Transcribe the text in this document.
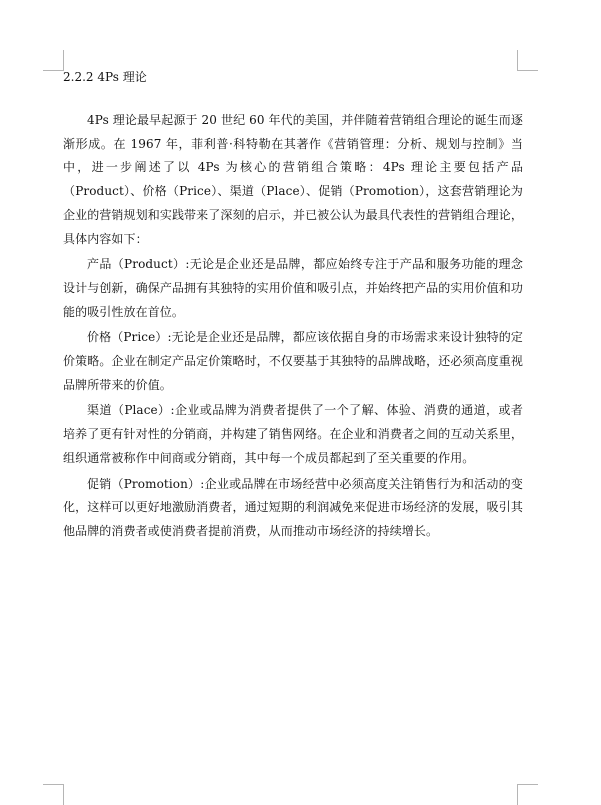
2.2.2 4Ps 理论

4Ps 理论最早起源于 20 世纪 60 年代的美国，并伴随着营销组合理论的诞生而逐渐形成。在 1967 年，菲利普·科特勒在其著作《营销管理：分析、规划与控制》当中，进一步阐述了以 4Ps 为核心的营销组合策略：4Ps 理论主要包括产品（Product）、价格（Price）、渠道（Place）、促销（Promotion），这套营销理论为企业的营销规划和实践带来了深刻的启示，并已被公认为最具代表性的营销组合理论，具体内容如下：

产品（Product）:无论是企业还是品牌，都应始终专注于产品和服务功能的理念设计与创新，确保产品拥有其独特的实用价值和吸引点，并始终把产品的实用价值和功能的吸引性放在首位。

价格（Price）:无论是企业还是品牌，都应该依据自身的市场需求来设计独特的定价策略。企业在制定产品定价策略时，不仅要基于其独特的品牌战略，还必须高度重视品牌所带来的价值。

渠道（Place）:企业或品牌为消费者提供了一个了解、体验、消费的通道，或者培养了更有针对性的分销商，并构建了销售网络。在企业和消费者之间的互动关系里，组织通常被称作中间商或分销商，其中每一个成员都起到了至关重要的作用。

促销（Promotion）:企业或品牌在市场经营中必须高度关注销售行为和活动的变化，这样可以更好地激励消费者，通过短期的利润减免来促进市场经济的发展，吸引其他品牌的消费者或使消费者提前消费，从而推动市场经济的持续增长。
